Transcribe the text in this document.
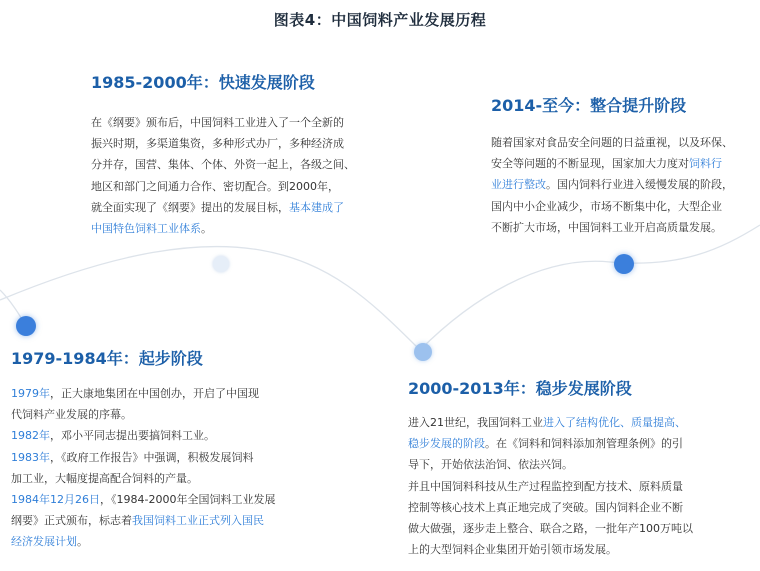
图表4：中国饲料产业发展历程
1985-2000年：快速发展阶段
在《纲要》颁布后，中国饲料工业进入了一个全新的
振兴时期，多渠道集资，多种形式办厂，多种经济成
分并存，国营、集体、个体、外资一起上，各级之间、
地区和部门之间通力合作、密切配合。到2000年，
就全面实现了《纲要》提出的发展目标，基本建成了
中国特色饲料工业体系。
2014-至今：整合提升阶段
随着国家对食品安全问题的日益重视，以及环保、
安全等问题的不断显现，国家加大力度对饲料行
业进行整改。国内饲料行业进入缓慢发展的阶段，
国内中小企业减少，市场不断集中化，大型企业
不断扩大市场，中国饲料工业开启高质量发展。
1979-1984年：起步阶段
1979年，正大康地集团在中国创办，开启了中国现
代饲料产业发展的序幕。
1982年，邓小平同志提出要搞饲料工业。
1983年，《政府工作报告》中强调，积极发展饲料
加工业，大幅度提高配合饲料的产量。
1984年12月26日，《1984-2000年全国饲料工业发展
纲要》正式颁布，标志着我国饲料工业正式列入国民
经济发展计划。
2000-2013年：稳步发展阶段
进入21世纪，我国饲料工业进入了结构优化、质量提高、
稳步发展的阶段。在《饲料和饲料添加剂管理条例》的引
导下，开始依法治饲、依法兴饲。
并且中国饲料科技从生产过程监控到配方技术、原料质量
控制等核心技术上真正地完成了突破。国内饲料企业不断
做大做强，逐步走上整合、联合之路，一批年产100万吨以
上的大型饲料企业集团开始引领市场发展。
